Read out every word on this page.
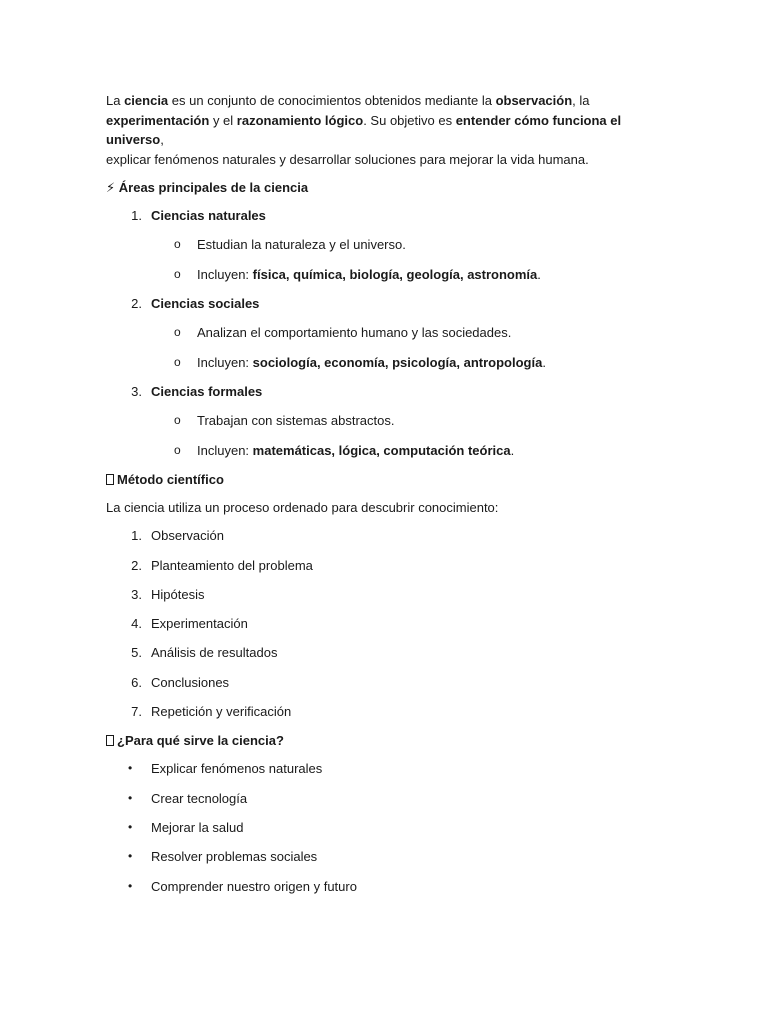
La ciencia es un conjunto de conocimientos obtenidos mediante la observación, la
experimentación y el razonamiento lógico. Su objetivo es entender cómo funciona el universo,
explicar fenómenos naturales y desarrollar soluciones para mejorar la vida humana.

⚡ Áreas principales de la ciencia

1. Ciencias naturales
o Estudian la naturaleza y el universo.
o Incluyen: física, química, biología, geología, astronomía.
2. Ciencias sociales
o Analizan el comportamiento humano y las sociedades.
o Incluyen: sociología, economía, psicología, antropología.
3. Ciencias formales
o Trabajan con sistemas abstractos.
o Incluyen: matemáticas, lógica, computación teórica.

Método científico

La ciencia utiliza un proceso ordenado para descubrir conocimiento:

1. Observación
2. Planteamiento del problema
3. Hipótesis
4. Experimentación
5. Análisis de resultados
6. Conclusiones
7. Repetición y verificación

¿Para qué sirve la ciencia?

•	Explicar fenómenos naturales
•	Crear tecnología
•	Mejorar la salud
•	Resolver problemas sociales
•	Comprender nuestro origen y futuro
